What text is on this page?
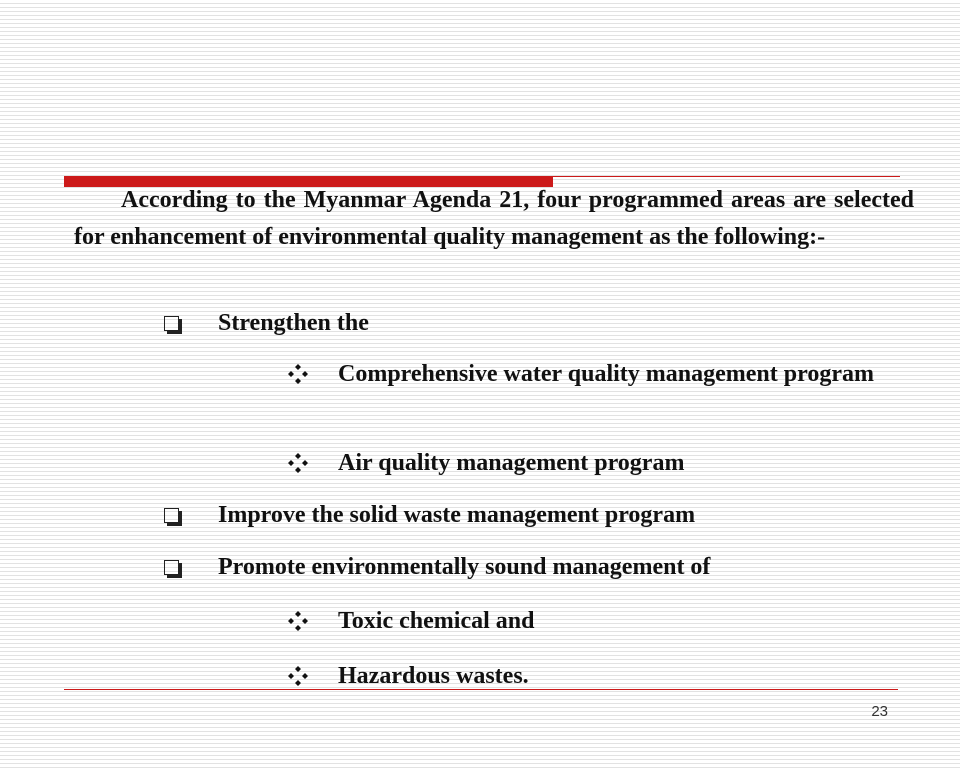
According to the Myanmar Agenda 21, four programmed areas are selected for enhancement of environmental quality management as the following:-

Strengthen the
Comprehensive water quality management program
Air quality management program
Improve the solid waste management program
Promote environmentally sound management of
Toxic chemical and
Hazardous wastes.
23
